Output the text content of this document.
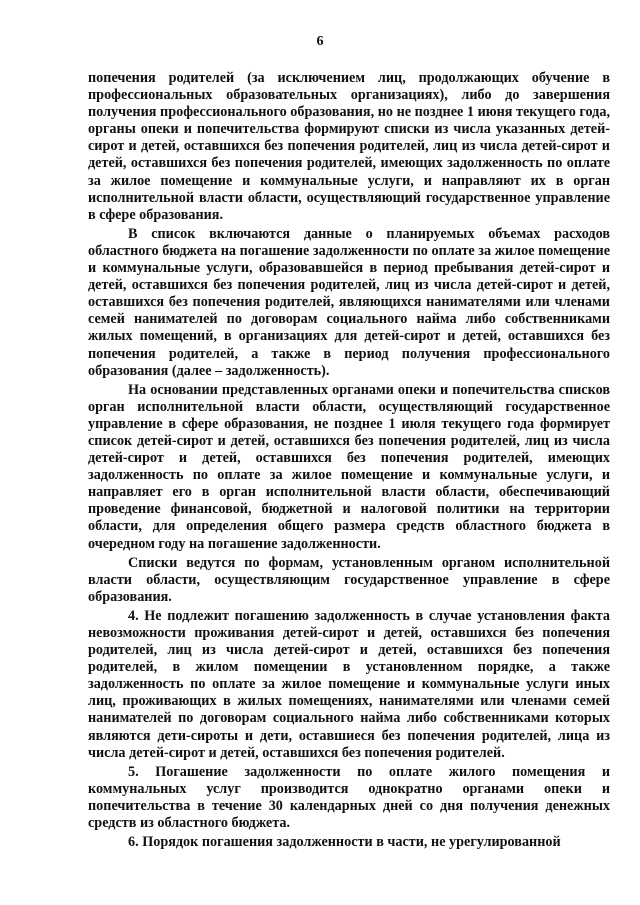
6

попечения родителей (за исключением лиц, продолжающих обучение в профессиональных образовательных организациях), либо до завершения получения профессионального образования, но не позднее 1 июня текущего года, органы опеки и попечительства формируют списки из числа указанных детей-сирот и детей, оставшихся без попечения родителей, лиц из числа детей-сирот и детей, оставшихся без попечения родителей, имеющих задолженность по оплате за жилое помещение и коммунальные услуги, и направляют их в орган исполнительной власти области, осуществляющий государственное управление в сфере образования.

В список включаются данные о планируемых объемах расходов областного бюджета на погашение задолженности по оплате за жилое помещение и коммунальные услуги, образовавшейся в период пребывания детей-сирот и детей, оставшихся без попечения родителей, лиц из числа детей-сирот и детей, оставшихся без попечения родителей, являющихся нанимателями или членами семей нанимателей по договорам социального найма либо собственниками жилых помещений, в организациях для детей-сирот и детей, оставшихся без попечения родителей, а также в период получения профессионального образования (далее – задолженность).

На основании представленных органами опеки и попечительства списков орган исполнительной власти области, осуществляющий государственное управление в сфере образования, не позднее 1 июля текущего года формирует список детей-сирот и детей, оставшихся без попечения родителей, лиц из числа детей-сирот и детей, оставшихся без попечения родителей, имеющих задолженность по оплате за жилое помещение и коммунальные услуги, и направляет его в орган исполнительной власти области, обеспечивающий проведение финансовой, бюджетной и налоговой политики на территории области, для определения общего размера средств областного бюджета в очередном году на погашение задолженности.

Списки ведутся по формам, установленным органом исполнительной власти области, осуществляющим государственное управление в сфере образования.

4. Не подлежит погашению задолженность в случае установления факта невозможности проживания детей-сирот и детей, оставшихся без попечения родителей, лиц из числа детей-сирот и детей, оставшихся без попечения родителей, в жилом помещении в установленном порядке, а также задолженность по оплате за жилое помещение и коммунальные услуги иных лиц, проживающих в жилых помещениях, нанимателями или членами семей нанимателей по договорам социального найма либо собственниками которых являются дети-сироты и дети, оставшиеся без попечения родителей, лица из числа детей-сирот и детей, оставшихся без попечения родителей.

5. Погашение задолженности по оплате жилого помещения и коммунальных услуг производится однократно органами опеки и попечительства в течение 30 календарных дней со дня получения денежных средств из областного бюджета.

6. Порядок погашения задолженности в части, не урегулированной
